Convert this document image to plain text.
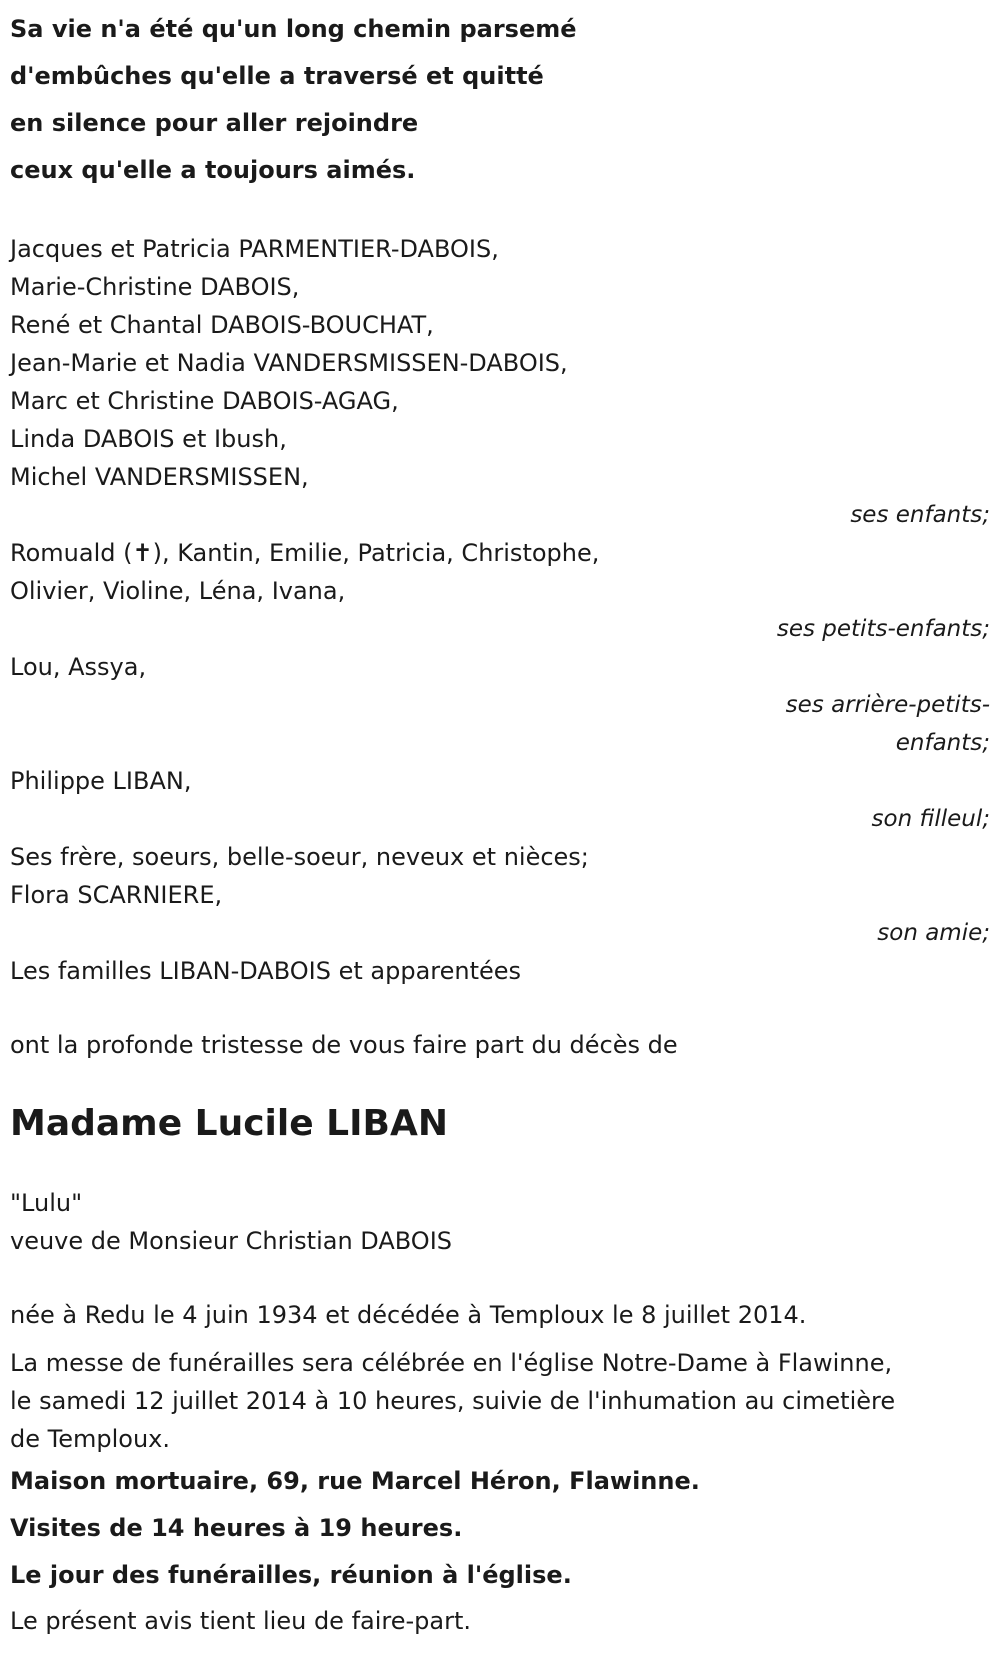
Sa vie n'a été qu'un long chemin parsemé
d'embûches qu'elle a traversé et quitté
en silence pour aller rejoindre
ceux qu'elle a toujours aimés.
Jacques et Patricia PARMENTIER-DABOIS,
Marie-Christine DABOIS,
René et Chantal DABOIS-BOUCHAT,
Jean-Marie et Nadia VANDERSMISSEN-DABOIS,
Marc et Christine DABOIS-AGAG,
Linda DABOIS et Ibush,
Michel VANDERSMISSEN,
ses enfants;
Romuald (✝), Kantin, Emilie, Patricia, Christophe,
Olivier, Violine, Léna, Ivana,
ses petits-enfants;
Lou, Assya,
ses arrière-petits-
enfants;
Philippe LIBAN,
son filleul;
Ses frère, soeurs, belle-soeur, neveux et nièces;
Flora SCARNIERE,
son amie;
Les familles LIBAN-DABOIS et apparentées
ont la profonde tristesse de vous faire part du décès de
Madame Lucile LIBAN
"Lulu"
veuve de Monsieur Christian DABOIS
née à Redu le 4 juin 1934 et décédée à Temploux le 8 juillet 2014.
La messe de funérailles sera célébrée en l'église Notre-Dame à Flawinne,
le samedi 12 juillet 2014 à 10 heures, suivie de l'inhumation au cimetière
de Temploux.
Maison mortuaire, 69, rue Marcel Héron, Flawinne.
Visites de 14 heures à 19 heures.
Le jour des funérailles, réunion à l'église.
Le présent avis tient lieu de faire-part.
